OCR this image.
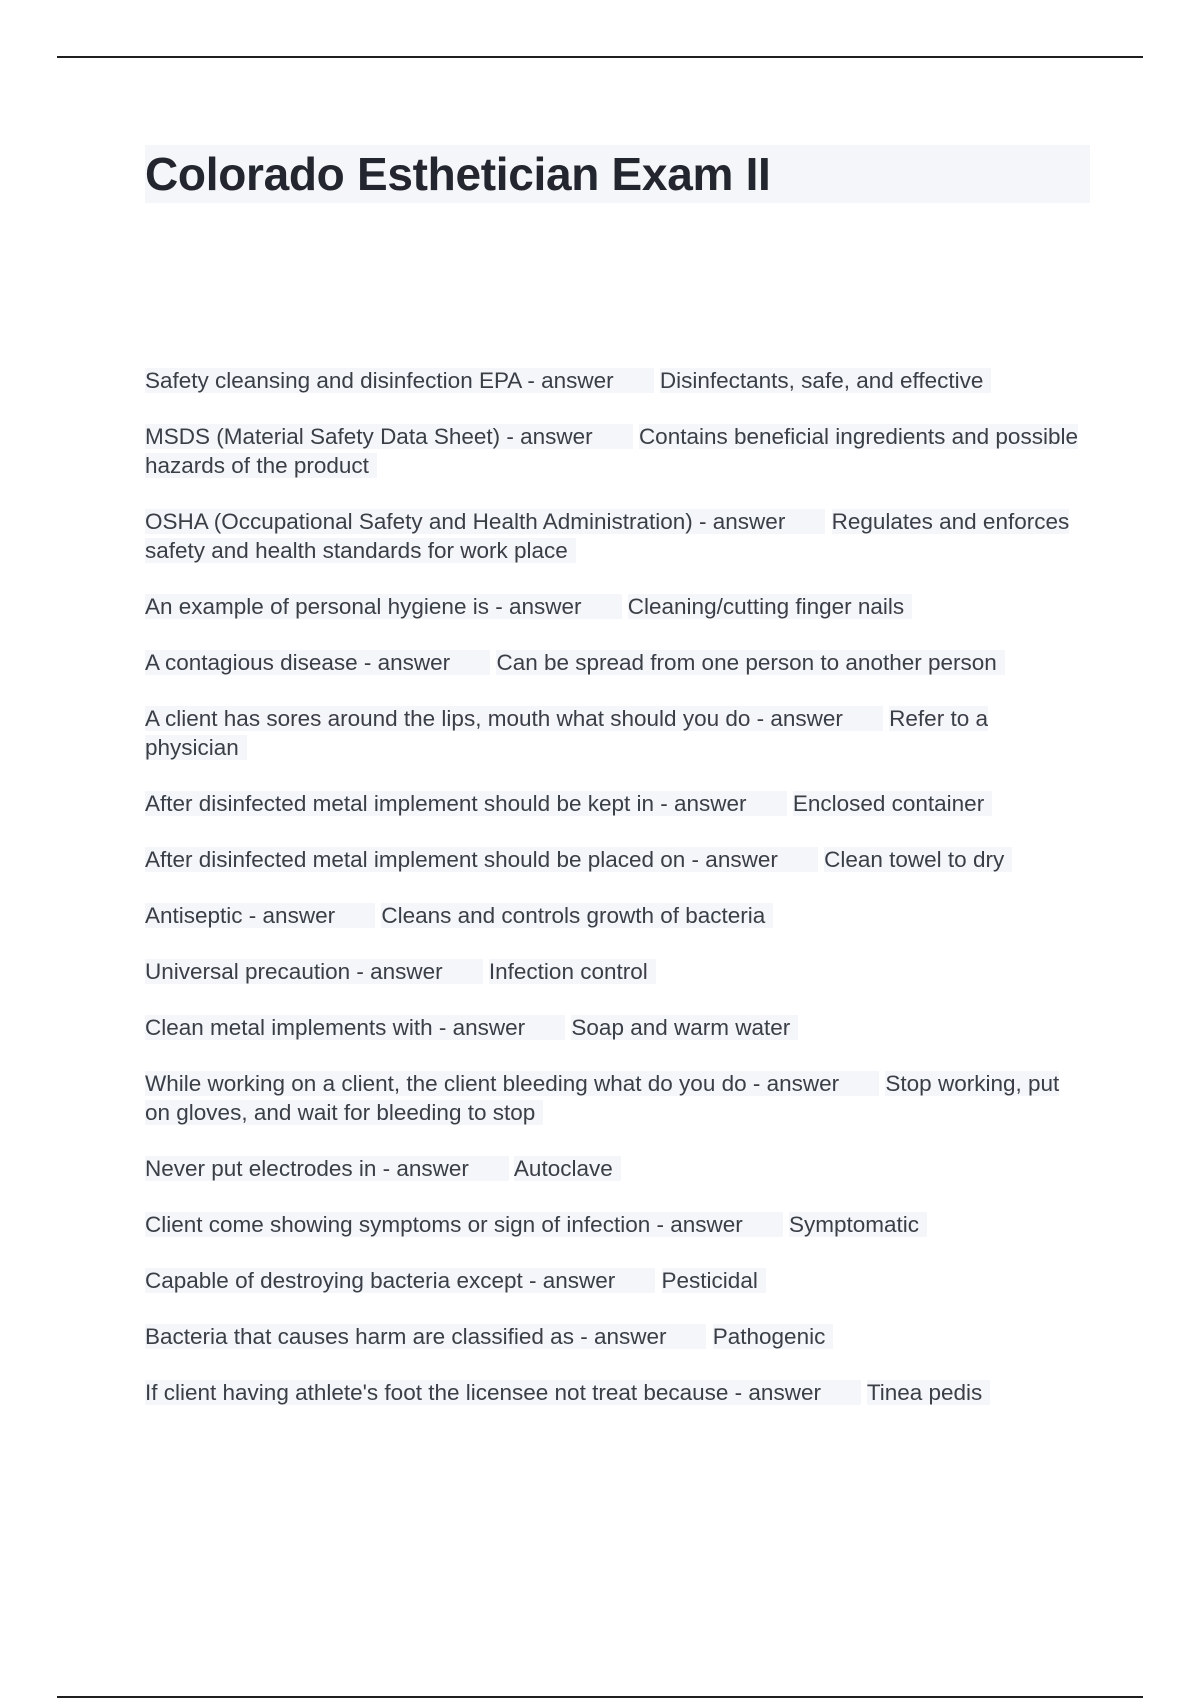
Colorado Esthetician Exam II
Safety cleansing and disinfection EPA - answer Disinfectants, safe, and effective
MSDS (Material Safety Data Sheet) - answer Contains beneficial ingredients and possible hazards of the product
OSHA (Occupational Safety and Health Administration) - answer Regulates and enforces safety and health standards for work place
An example of personal hygiene is - answer Cleaning/cutting finger nails
A contagious disease - answer Can be spread from one person to another person
A client has sores around the lips, mouth what should you do - answer Refer to a physician
After disinfected metal implement should be kept in - answer Enclosed container
After disinfected metal implement should be placed on - answer Clean towel to dry
Antiseptic - answer Cleans and controls growth of bacteria
Universal precaution - answer Infection control
Clean metal implements with - answer Soap and warm water
While working on a client, the client bleeding what do you do - answer Stop working, put on gloves, and wait for bleeding to stop
Never put electrodes in - answer Autoclave
Client come showing symptoms or sign of infection - answer Symptomatic
Capable of destroying bacteria except - answer Pesticidal
Bacteria that causes harm are classified as - answer Pathogenic
If client having athlete's foot the licensee not treat because - answer Tinea pedis
